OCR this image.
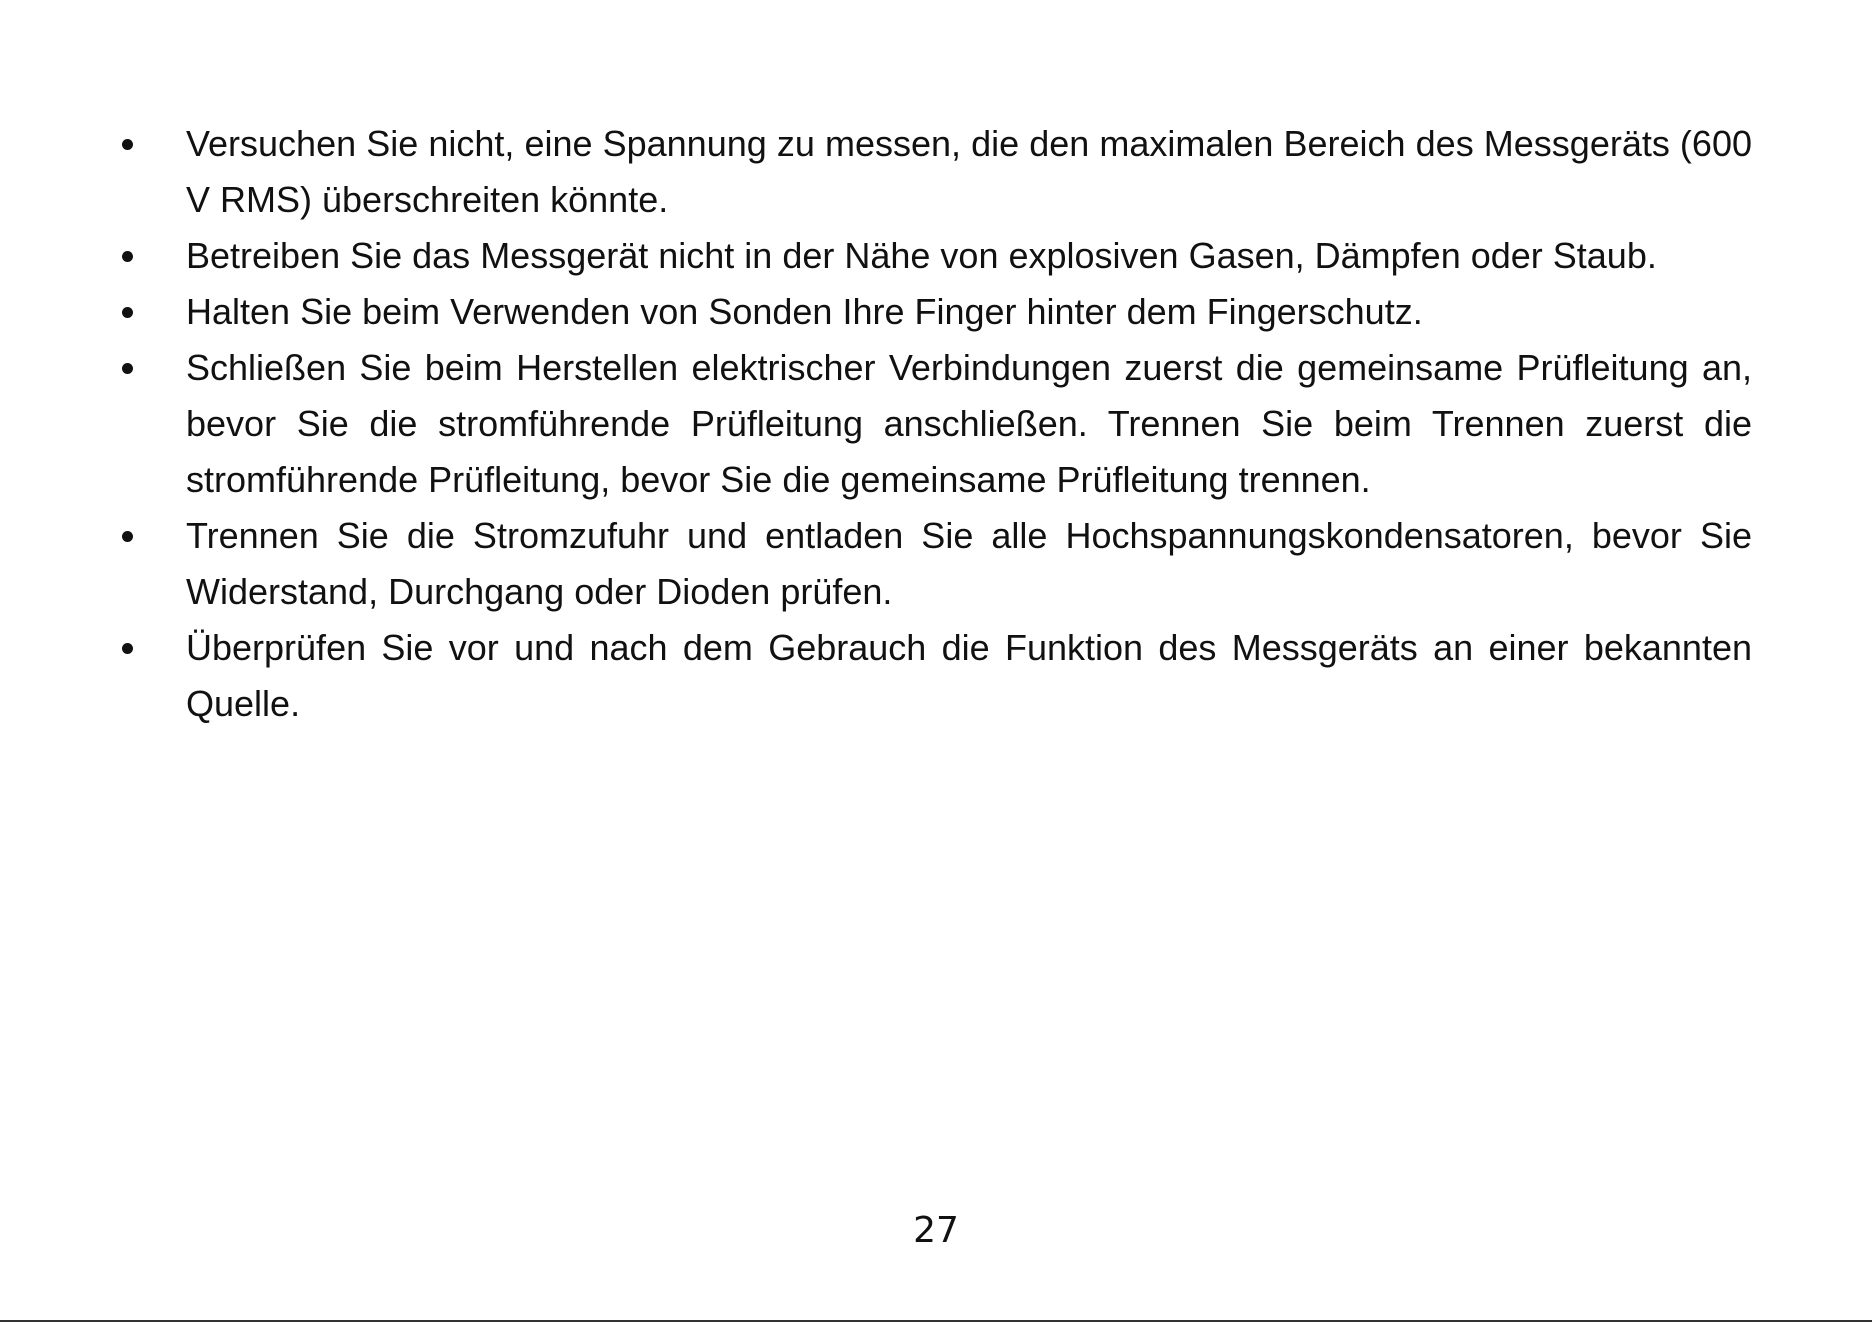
Versuchen Sie nicht, eine Spannung zu messen, die den maximalen Bereich des Messgeräts (600 V RMS) überschreiten könnte.
Betreiben Sie das Messgerät nicht in der Nähe von explosiven Gasen, Dämpfen oder Staub.
Halten Sie beim Verwenden von Sonden Ihre Finger hinter dem Fingerschutz.
Schließen Sie beim Herstellen elektrischer Verbindungen zuerst die gemeinsame Prüfleitung an, bevor Sie die stromführende Prüfleitung anschließen. Trennen Sie beim Trennen zuerst die stromführende Prüfleitung, bevor Sie die gemeinsame Prüfleitung trennen.
Trennen Sie die Stromzufuhr und entladen Sie alle Hochspannungskondensatoren, bevor Sie Widerstand, Durchgang oder Dioden prüfen.
Überprüfen Sie vor und nach dem Gebrauch die Funktion des Messgeräts an einer bekannten Quelle.
27
